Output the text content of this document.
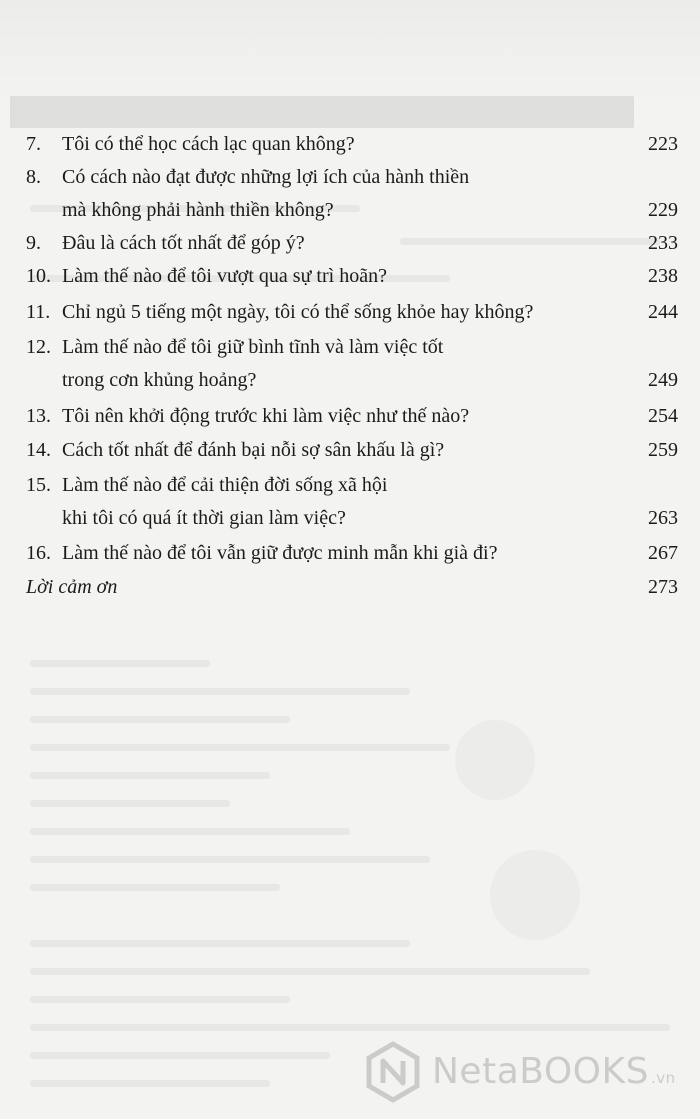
7. Tôi có thể học cách lạc quan không?	223
8. Có cách nào đạt được những lợi ích của hành thiền
mà không phải hành thiền không?	229
9. Đâu là cách tốt nhất để góp ý?	233
10. Làm thế nào để tôi vượt qua sự trì hoãn?	238
11. Chỉ ngủ 5 tiếng một ngày, tôi có thể sống khỏe hay không?	244
12. Làm thế nào để tôi giữ bình tĩnh và làm việc tốt
trong cơn khủng hoảng?	249
13. Tôi nên khởi động trước khi làm việc như thế nào?	254
14. Cách tốt nhất để đánh bại nỗi sợ sân khấu là gì?	259
15. Làm thế nào để cải thiện đời sống xã hội
khi tôi có quá ít thời gian làm việc?	263
16. Làm thế nào để tôi vẫn giữ được minh mẫn khi già đi?	267
Lời cảm ơn	273
NetaBOOKS .vn
